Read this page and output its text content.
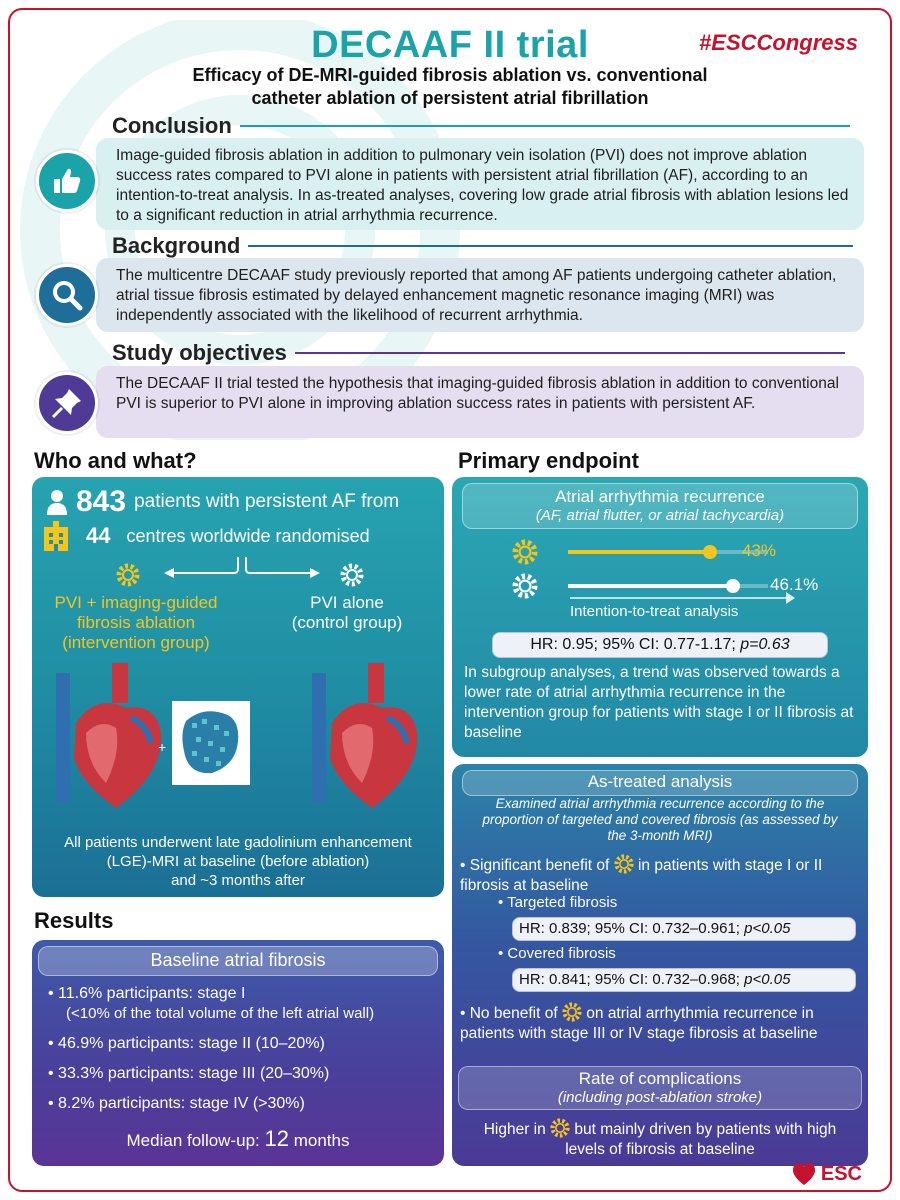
DECAAF II trial	#ESCCongress
Efficacy of DE-MRI-guided fibrosis ablation vs. conventional
catheter ablation of persistent atrial fibrillation
Conclusion
Image-guided fibrosis ablation in addition to pulmonary vein isolation (PVI) does not improve ablation success rates compared to PVI alone in patients with persistent atrial fibrillation (AF), according to an intention-to-treat analysis. In as-treated analyses, covering low grade atrial fibrosis with ablation lesions led to a significant reduction in atrial arrhythmia recurrence.
Background
The multicentre DECAAF study previously reported that among AF patients undergoing catheter ablation, atrial tissue fibrosis estimated by delayed enhancement magnetic resonance imaging (MRI) was independently associated with the likelihood of recurrent arrhythmia.
Study objectives
The DECAAF II trial tested the hypothesis that imaging-guided fibrosis ablation in addition to conventional PVI is superior to PVI alone in improving ablation success rates in patients with persistent AF.
Who and what?
843 patients with persistent AF from
44 centres worldwide randomised
PVI + imaging-guided
fibrosis ablation
(intervention group)
PVI alone
(control group)
+
All patients underwent late gadolinium enhancement
(LGE)-MRI at baseline (before ablation)
and ~3 months after
Primary endpoint
Atrial arrhythmia recurrence
(AF, atrial flutter, or atrial tachycardia)
43%
46.1%
Intention-to-treat analysis
HR: 0.95; 95% CI: 0.77-1.17; p=0.63
In subgroup analyses, a trend was observed towards a lower rate of atrial arrhythmia recurrence in the intervention group for patients with stage I or II fibrosis at baseline
As-treated analysis
Examined atrial arrhythmia recurrence according to the proportion of targeted and covered fibrosis (as assessed by the 3-month MRI)
• Significant benefit of in patients with stage I or II fibrosis at baseline
• Targeted fibrosis
HR: 0.839; 95% CI: 0.732–0.961; p<0.05
• Covered fibrosis
HR: 0.841; 95% CI: 0.732–0.968; p<0.05
• No benefit of on atrial arrhythmia recurrence in patients with stage III or IV stage fibrosis at baseline
Rate of complications
(including post-ablation stroke)
Higher in but mainly driven by patients with high levels of fibrosis at baseline
Results
Baseline atrial fibrosis
• 11.6% participants: stage I
(<10% of the total volume of the left atrial wall)
• 46.9% participants: stage II (10–20%)
• 33.3% participants: stage III (20–30%)
• 8.2% participants: stage IV (>30%)
Median follow-up: 12 months
ESC
